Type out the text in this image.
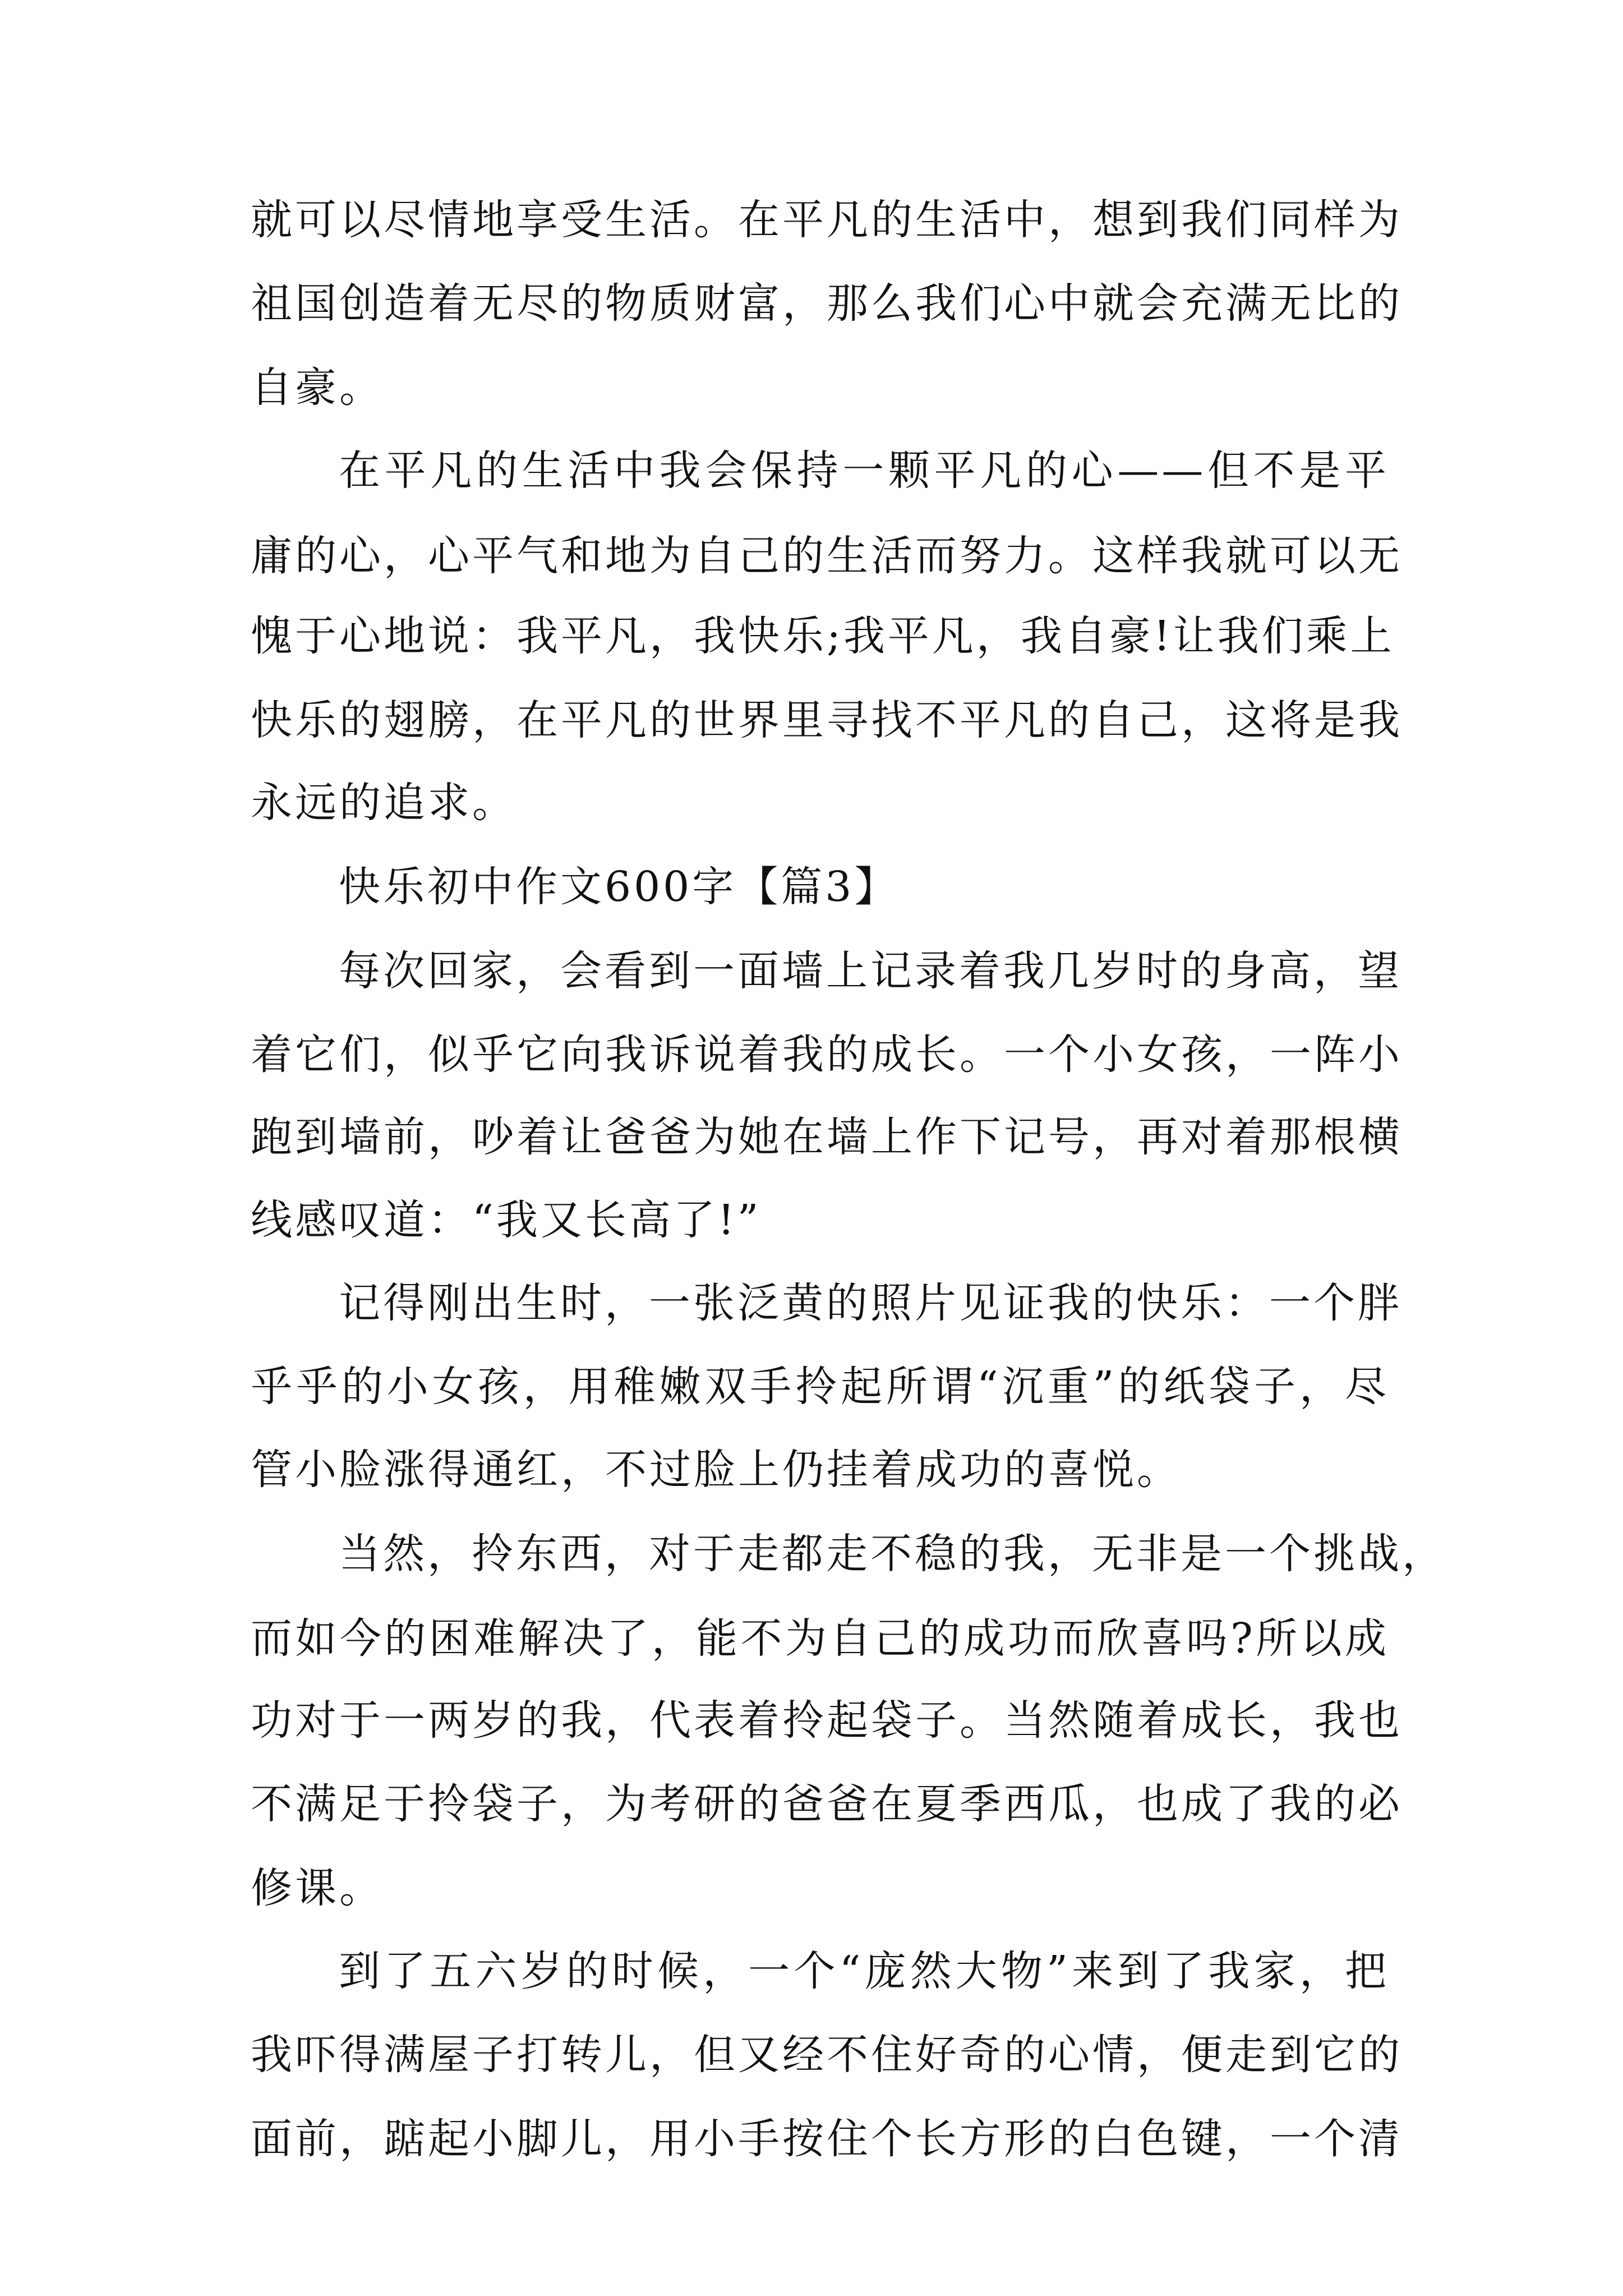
就可以尽情地享受生活。在平凡的生活中，想到我们同样为
祖国创造着无尽的物质财富，那么我们心中就会充满无比的
自豪。
在平凡的生活中我会保持一颗平凡的心——但不是平
庸的心，心平气和地为自己的生活而努力。这样我就可以无
愧于心地说：我平凡，我快乐;我平凡，我自豪!让我们乘上
快乐的翅膀，在平凡的世界里寻找不平凡的自己，这将是我
永远的追求。
快乐初中作文600字【篇3】
每次回家，会看到一面墙上记录着我几岁时的身高，望
着它们，似乎它向我诉说着我的成长。一个小女孩，一阵小
跑到墙前，吵着让爸爸为她在墙上作下记号，再对着那根横
线感叹道：“我又长高了!”
记得刚出生时，一张泛黄的照片见证我的快乐：一个胖
乎乎的小女孩，用稚嫩双手拎起所谓“沉重”的纸袋子，尽
管小脸涨得通红，不过脸上仍挂着成功的喜悦。
当然，拎东西，对于走都走不稳的我，无非是一个挑战，
而如今的困难解决了，能不为自己的成功而欣喜吗?所以成
功对于一两岁的我，代表着拎起袋子。当然随着成长，我也
不满足于拎袋子，为考研的爸爸在夏季西瓜，也成了我的必
修课。
到了五六岁的时候，一个“庞然大物”来到了我家，把
我吓得满屋子打转儿，但又经不住好奇的心情，便走到它的
面前，踮起小脚儿，用小手按住个长方形的白色键，一个清
